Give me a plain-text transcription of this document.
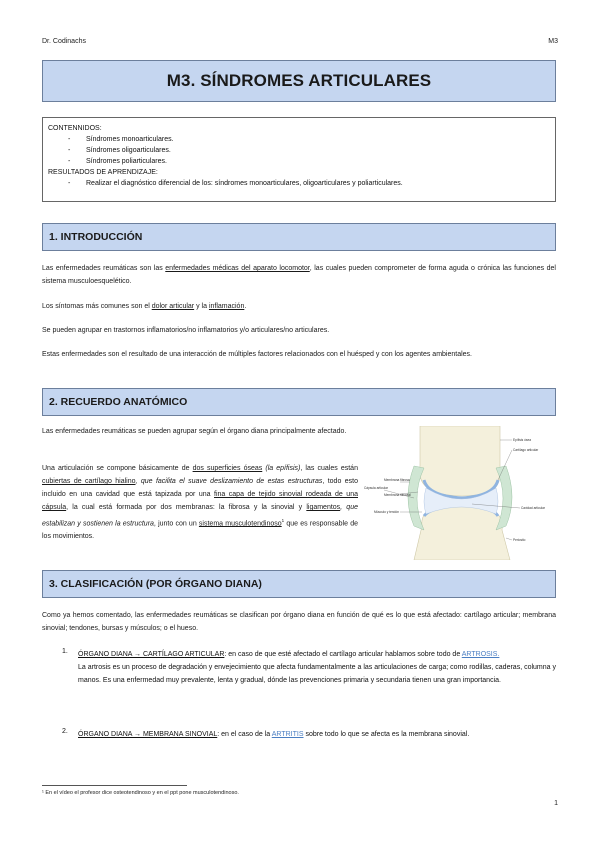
Dr. Codinachs	M3
M3. SÍNDROMES ARTICULARES
CONTENNIDOS:
- Síndromes monoarticulares.
- Síndromes oligoarticulares.
- Síndromes poliarticulares.
RESULTADOS DE APRENDIZAJE:
- Realizar el diagnóstico diferencial de los: síndromes monoarticulares, oligoarticulares y poliarticulares.
1. INTRODUCCIÓN
Las enfermedades reumáticas son las enfermedades médicas del aparato locomotor, las cuales pueden comprometer de forma aguda o crónica las funciones del sistema musculoesquelético.
Los síntomas más comunes son el dolor articular y la inflamación.
Se pueden agrupar en trastornos inflamatorios/no inflamatorios y/o articulares/no articulares.
Estas enfermedades son el resultado de una interacción de múltiples factores relacionados con el huésped y con los agentes ambientales.
2. RECUERDO ANATÓMICO
Las enfermedades reumáticas se pueden agrupar según el órgano diana principalmente afectado.
Una articulación se compone básicamente de dos superficies óseas (la epífisis), las cuales están cubiertas de cartílago hialino, que facilita el suave deslizamiento de estas estructuras, todo esto incluido en una cavidad que está tapizada por una fina capa de tejido sinovial rodeada de una cápsula, la cual está formada por dos membranas: la fibrosa y la sinovial y ligamentos, que estabilizan y sostienen la estructura, junto con un sistema musculotendinoso$^1$ que es responsable de los movimientos.
Epífisis ósea
Cartílago articular
Membrana fibrosa
Membrana sinovial
Cápsula articular
Cavidad articular
Periostio
Músculo y tendón
3. CLASIFICACIÓN (POR ÓRGANO DIANA)
Como ya hemos comentado, las enfermedades reumáticas se clasifican por órgano diana en función de qué es lo que está afectado: cartílago articular; membrana sinovial; tendones, bursas y músculos; o el hueso.
1. ÓRGANO DIANA → CARTÍLAGO ARTICULAR: en caso de que esté afectado el cartílago articular hablamos sobre todo de ARTROSIS.
La artrosis es un proceso de degradación y envejecimiento que afecta fundamentalmente a las articulaciones de carga; como rodillas, caderas, columna y manos. Es una enfermedad muy prevalente, lenta y gradual, dónde las prevenciones primaria y secundaria tienen una gran importancia.
2. ÓRGANO DIANA → MEMBRANA SINOVIAL: en el caso de la ARTRITIS sobre todo lo que se afecta es la membrana sinovial.
¹ En el vídeo el profesor dice osteotendinoso y en el ppt pone musculotendinoso.
1
